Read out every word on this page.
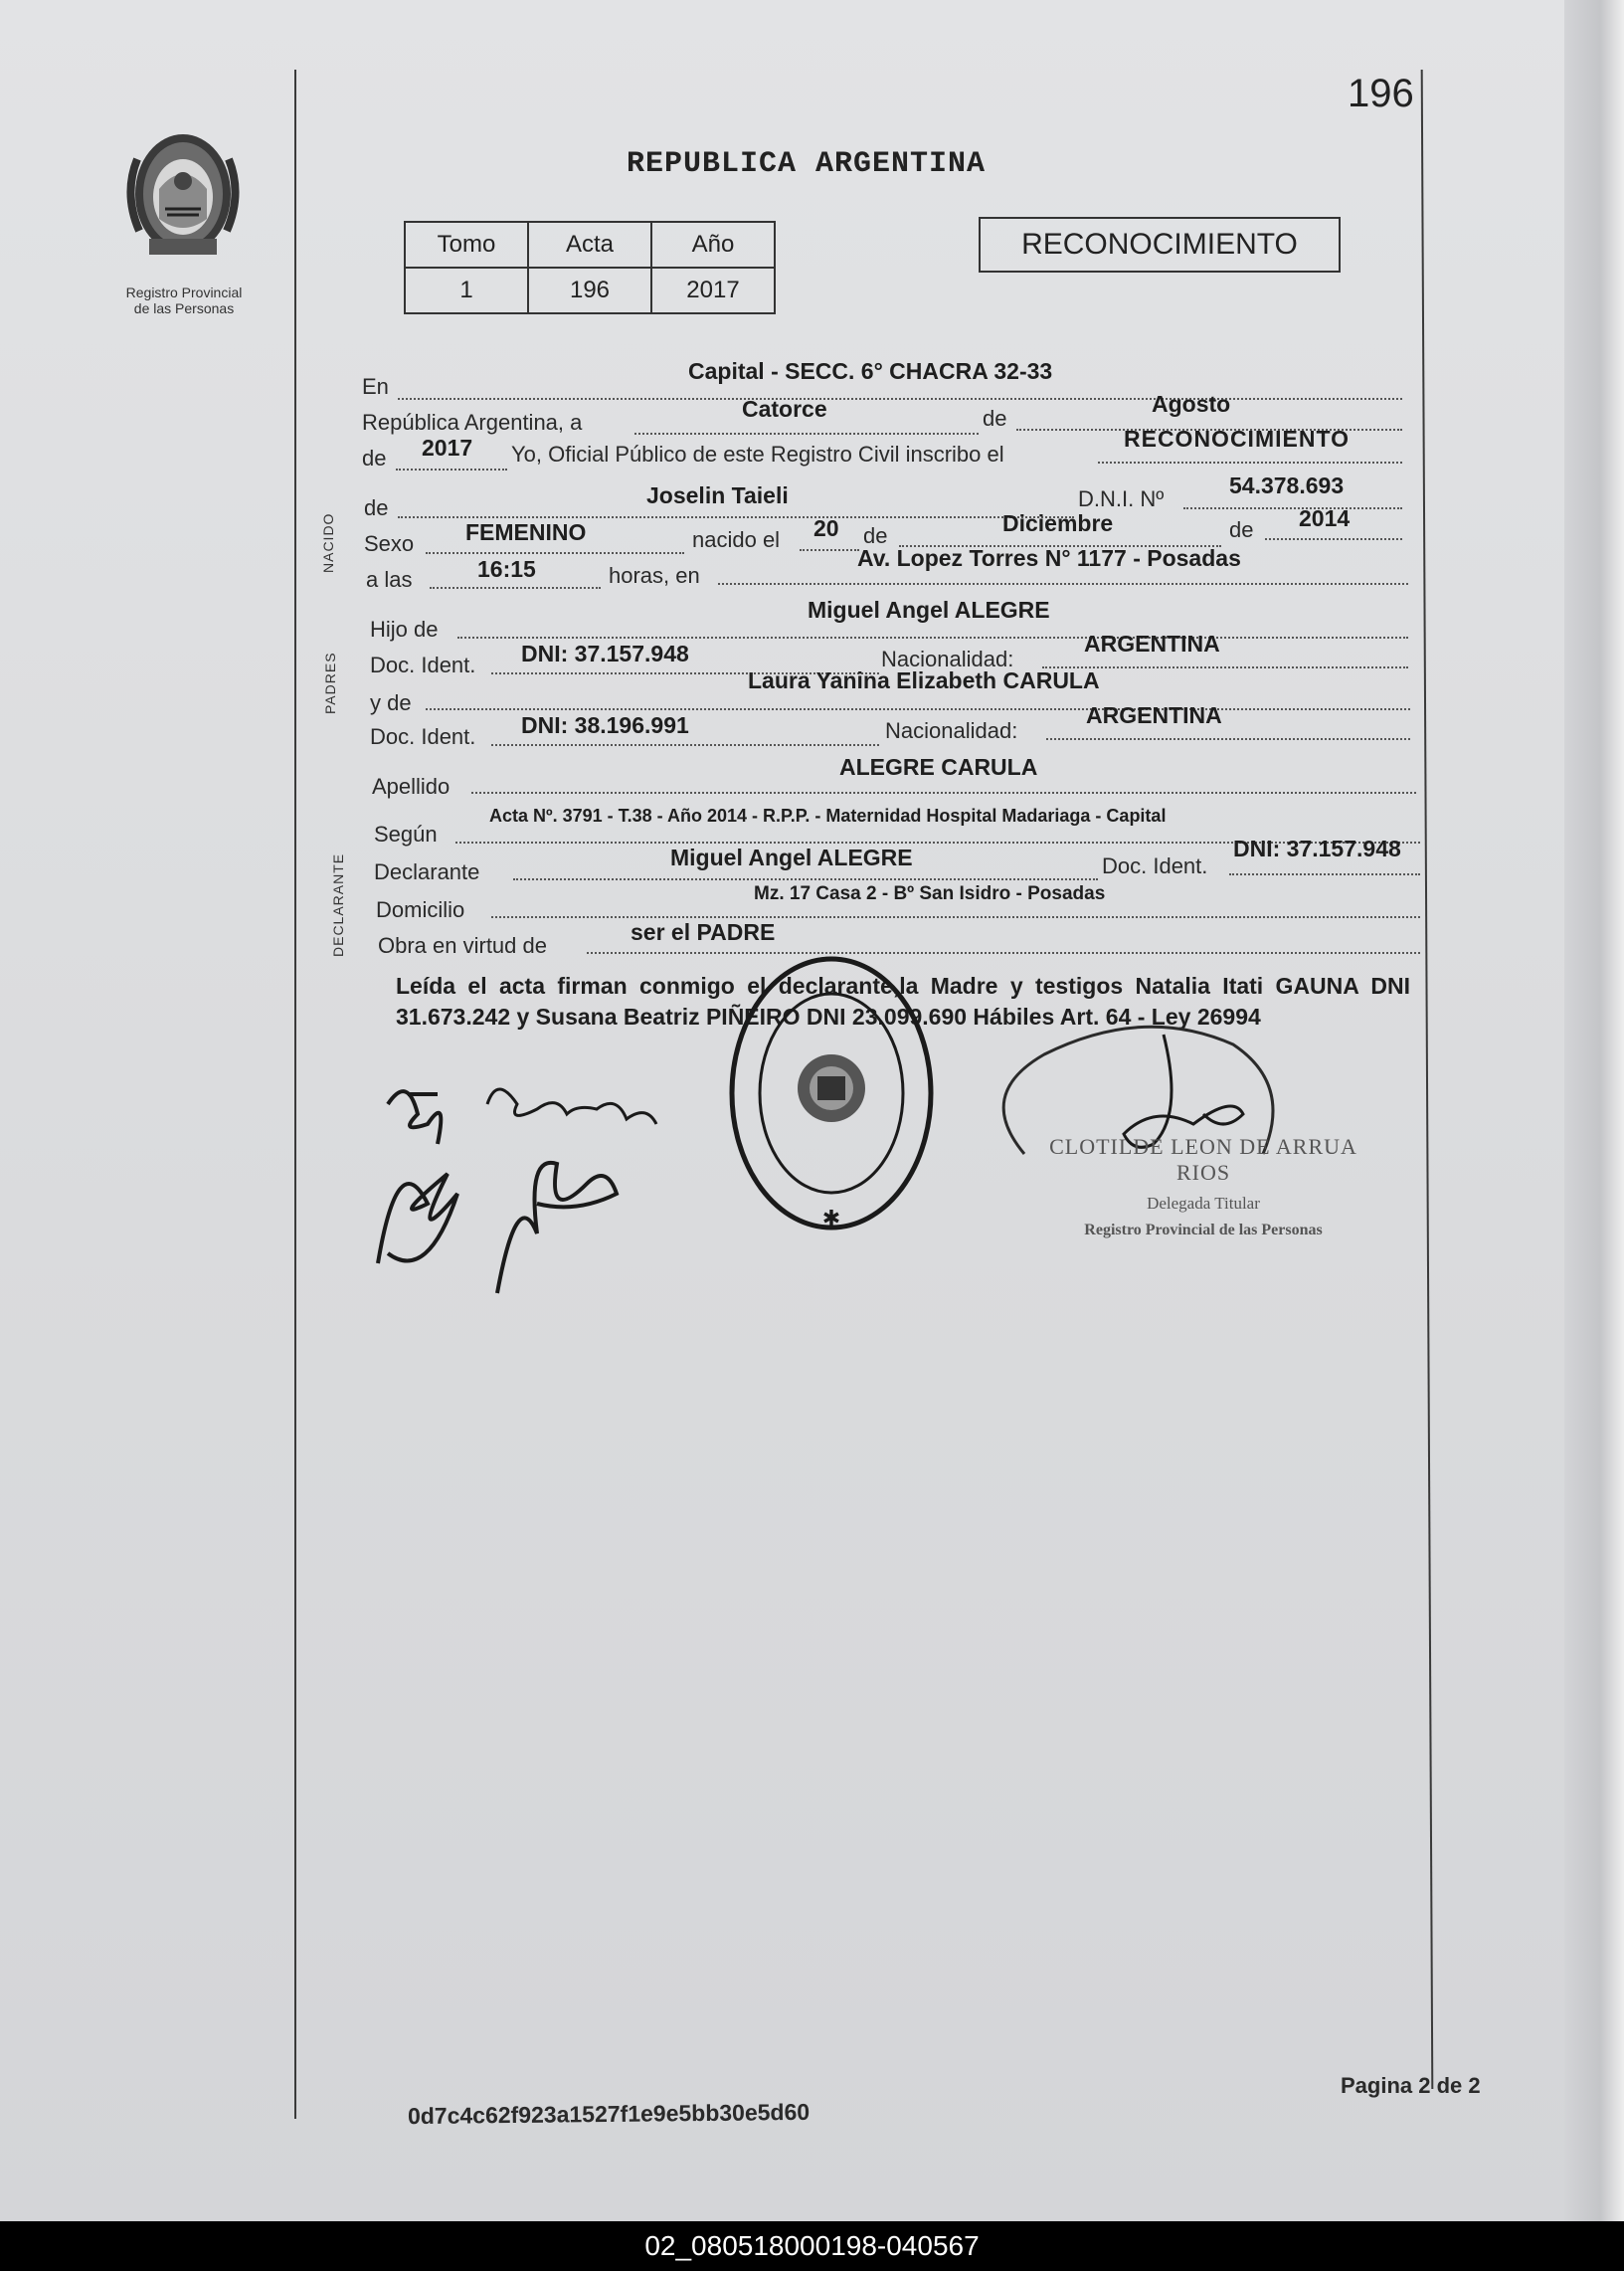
196
Registro Provincial
de las Personas
REPUBLICA ARGENTINA
Tomo	Acta	Año
1	196	2017
RECONOCIMIENTO
NACIDO
PADRES
DECLARANTE
En
Capital - SECC. 6° CHACRA 32-33
República Argentina, a
Catorce	de
Agosto
de 2017 Yo, Oficial Público de este Registro Civil inscribo el
RECONOCIMIENTO
de	Joselin Taieli	D.N.I. Nº
54.378.693
Sexo FEMENINO	nacido el 20 de	Diciembre	de 2014
a las	16:15	horas, en
Av. Lopez Torres N° 1177 - Posadas
Hijo de
Miguel Angel ALEGRE
Doc. Ident. DNI: 37.157.948	Nacionalidad:
ARGENTINA
y de
Laura Yanina Elizabeth CARULA
Doc. Ident. DNI: 38.196.991	Nacionalidad:
ARGENTINA
Apellido
ALEGRE CARULA
Según
Acta Nº. 3791 - T.38 - Año 2014 - R.P.P. - Maternidad Hospital Madariaga - Capital
Declarante
Miguel Angel ALEGRE	Doc. Ident.
DNI: 37.157.948
Domicilio
Mz. 17 Casa 2 - Bº San Isidro - Posadas
Obra en virtud de
ser el PADRE
Leída el acta firman conmigo el declarante,la Madre y testigos Natalia Itati GAUNA DNI 31.673.242 y Susana Beatriz PIÑEIRO DNI 23.099.690 Hábiles Art. 64 - Ley 26994
✱
CLOTILDE LEON DE ARRUA RIOS
Delegada Titular
Registro Provincial de las Personas
Pagina 2 de 2
0d7c4c62f923a1527f1e9e5bb30e5d60
02_080518000198-040567
